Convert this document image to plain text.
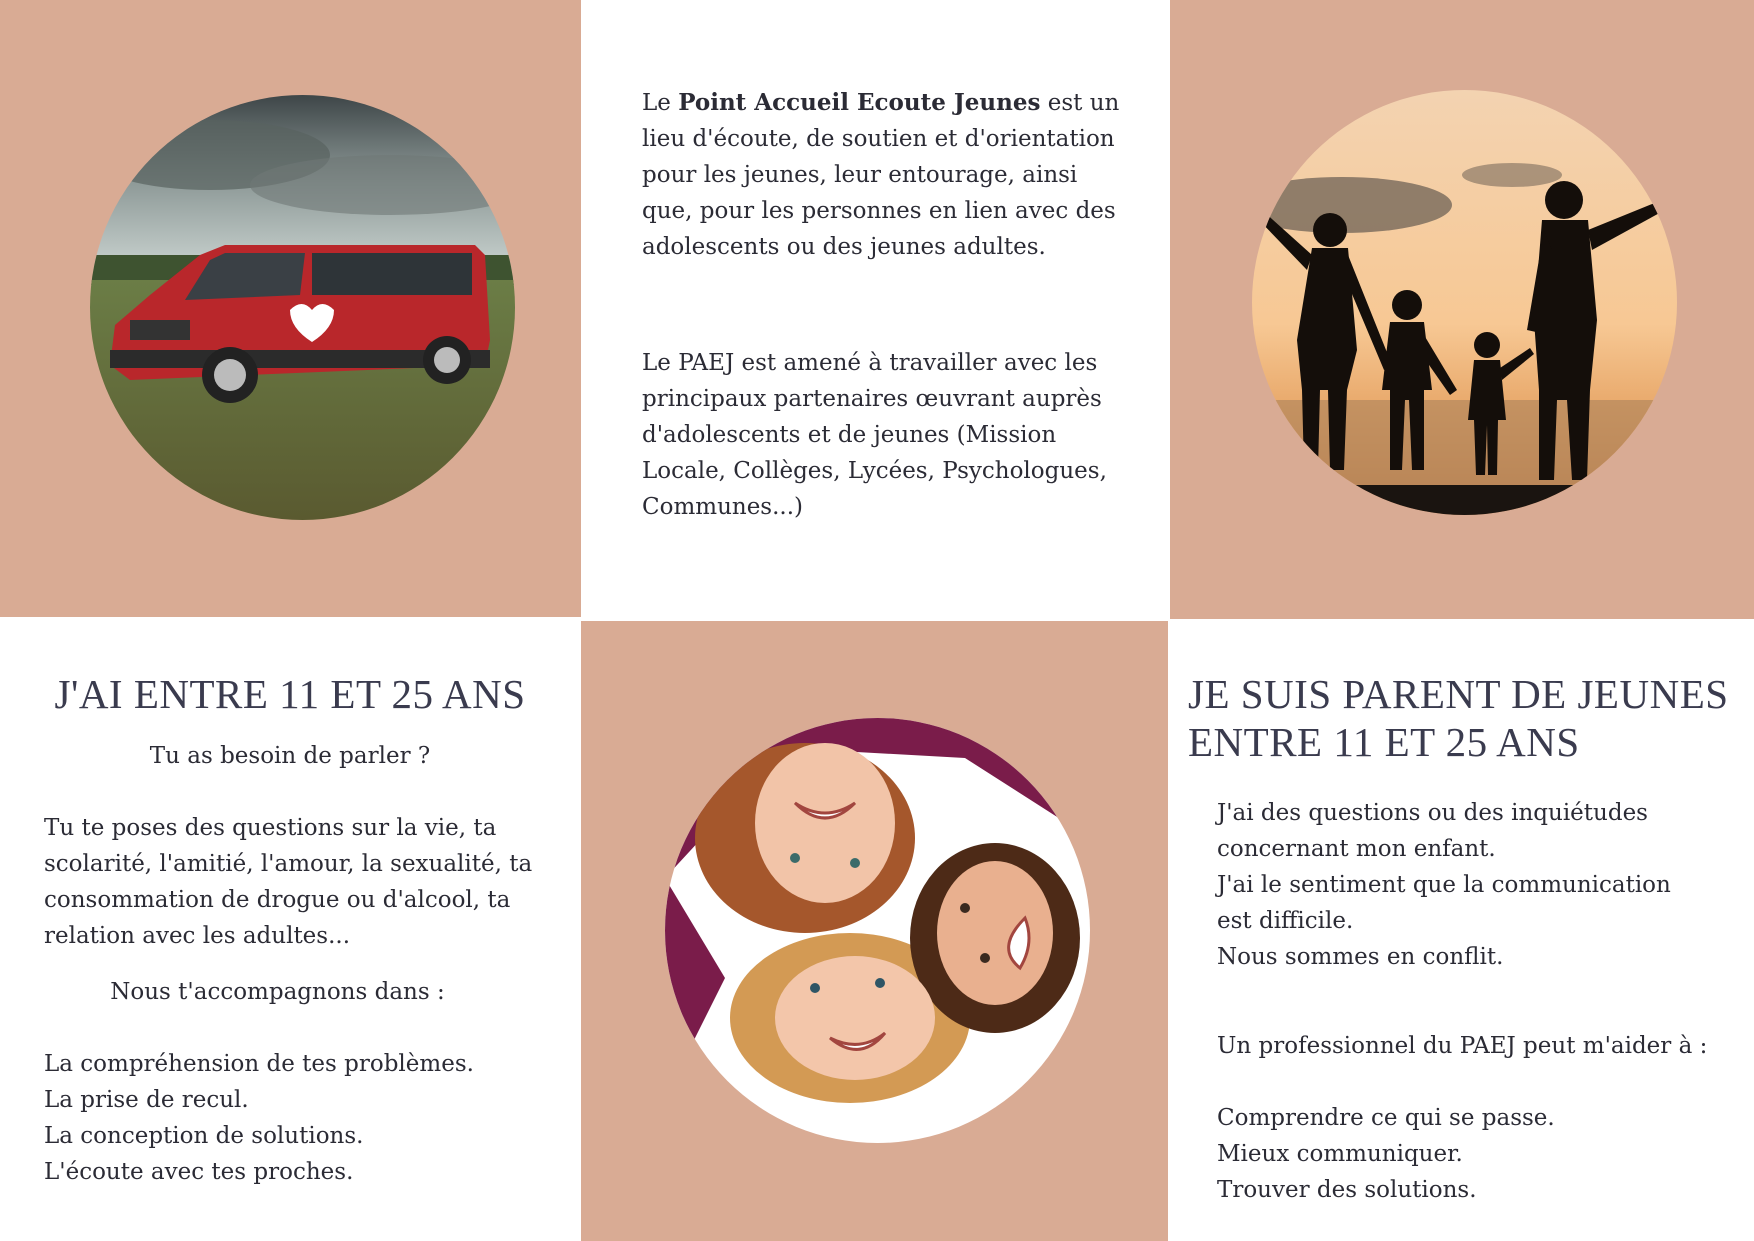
Le Point Accueil Ecoute Jeunes est un lieu d'écoute, de soutien et d'orientation pour les jeunes, leur entourage, ainsi que, pour les personnes en lien avec des adolescents ou des jeunes adultes.

Le PAEJ est amené à travailler avec les principaux partenaires œuvrant auprès d'adolescents et de jeunes (Mission Locale, Collèges, Lycées, Psychologues, Communes...)
J'AI ENTRE 11 ET 25 ANS
Tu as besoin de parler ?
Tu te poses des questions sur la vie, ta scolarité, l'amitié, l'amour, la sexualité, ta consommation de drogue ou d'alcool, ta relation avec les adultes...
Nous t'accompagnons dans :

La compréhension de tes problèmes.

La prise de recul.

La conception de solutions.

L'écoute avec tes proches.

JE SUIS PARENT DE JEUNES
ENTRE 11 ET 25 ANS

J'ai des questions ou des inquiétudes

concernant mon enfant.

J'ai le sentiment que la communication

est difficile.

Nous sommes en conflit.

Un professionnel du PAEJ peut m'aider à :

Comprendre ce qui se passe.

Mieux communiquer.

Trouver des solutions.
